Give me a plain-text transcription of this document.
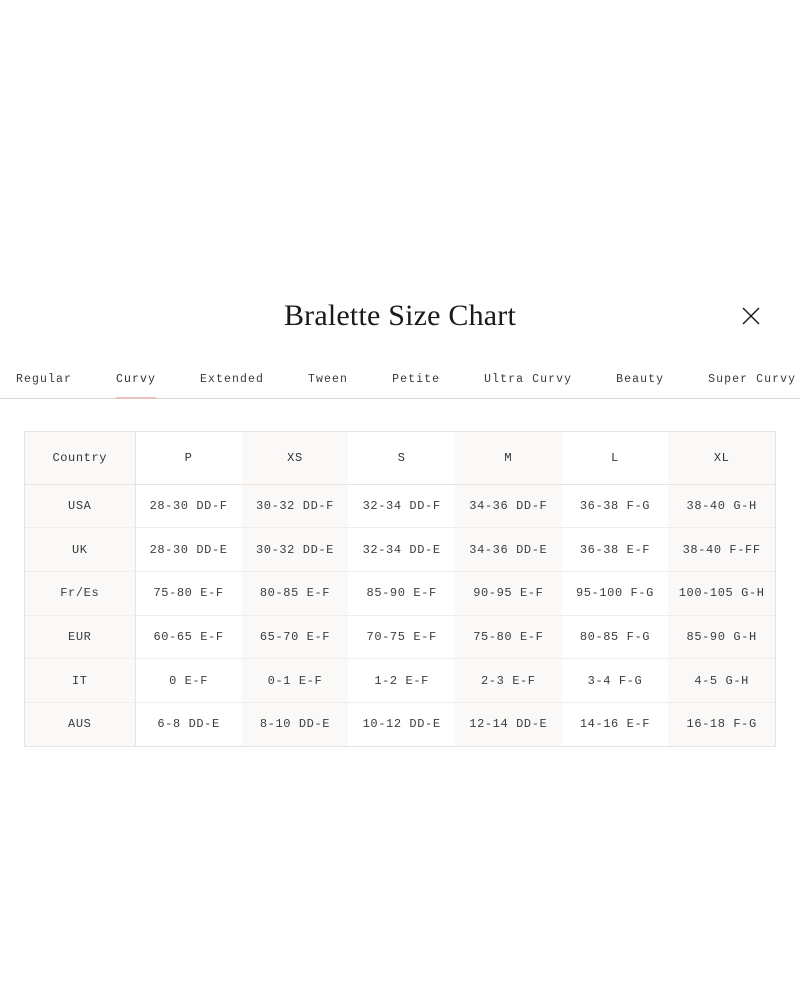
Bralette Size Chart
Regular	Curvy	Extended	Tween	Petite	Ultra Curvy	Beauty	Super Curvy
Country	P	XS	S	M	L	XL
USA	28-30 DD-F	30-32 DD-F	32-34 DD-F	34-36 DD-F	36-38 F-G	38-40 G-H
UK	28-30 DD-E	30-32 DD-E	32-34 DD-E	34-36 DD-E	36-38 E-F	38-40 F-FF
Fr/Es	75-80 E-F	80-85 E-F	85-90 E-F	90-95 E-F	95-100 F-G	100-105 G-H
EUR	60-65 E-F	65-70 E-F	70-75 E-F	75-80 E-F	80-85 F-G	85-90 G-H
IT	0 E-F	0-1 E-F	1-2 E-F	2-3 E-F	3-4 F-G	4-5 G-H
AUS	6-8 DD-E	8-10 DD-E	10-12 DD-E	12-14 DD-E	14-16 E-F	16-18 F-G
